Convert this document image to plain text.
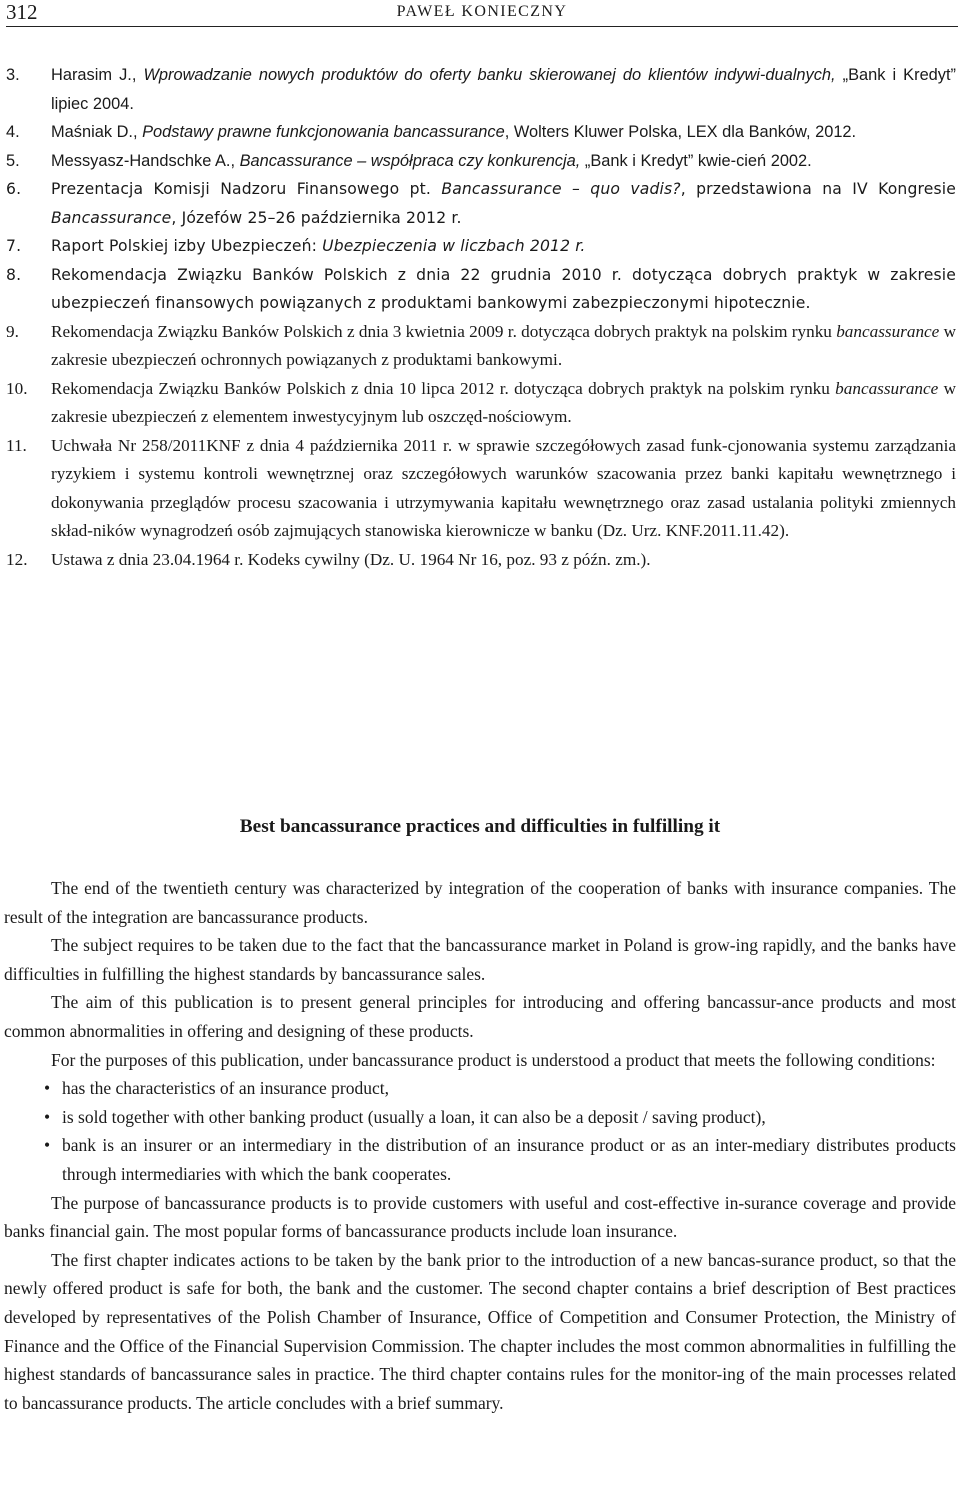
312	PAWEŁ KONIECZNY
3.	Harasim J., Wprowadzanie nowych produktów do oferty banku skierowanej do klientów indywi-dualnych, „Bank i Kredyt” lipiec 2004.
4.	Maśniak D., Podstawy prawne funkcjonowania bancassurance, Wolters Kluwer Polska, LEX dla Banków, 2012.
5.	Messyasz-Handschke A., Bancassurance – współpraca czy konkurencja, „Bank i Kredyt” kwie-cień 2002.
6.	Prezentacja Komisji Nadzoru Finansowego pt. Bancassurance – quo vadis?, przedstawiona na IV Kongresie Bancassurance, Józefów 25–26 października 2012 r.
7.	Raport Polskiej izby Ubezpieczeń: Ubezpieczenia w liczbach 2012 r.
8.	Rekomendacja Związku Banków Polskich z dnia 22 grudnia 2010 r. dotycząca dobrych praktyk w zakresie ubezpieczeń finansowych powiązanych z produktami bankowymi zabezpieczonymi hipotecznie.
9.	Rekomendacja Związku Banków Polskich z dnia 3 kwietnia 2009 r. dotycząca dobrych praktyk na polskim rynku bancassurance w zakresie ubezpieczeń ochronnych powiązanych z produktami bankowymi.
10.	Rekomendacja Związku Banków Polskich z dnia 10 lipca 2012 r. dotycząca dobrych praktyk na polskim rynku bancassurance w zakresie ubezpieczeń z elementem inwestycyjnym lub oszczęd-nościowym.
11.	Uchwała Nr 258/2011KNF z dnia 4 października 2011 r. w sprawie szczegółowych zasad funk-cjonowania systemu zarządzania ryzykiem i systemu kontroli wewnętrznej oraz szczegółowych warunków szacowania przez banki kapitału wewnętrznego i dokonywania przeglądów procesu szacowania i utrzymywania kapitału wewnętrznego oraz zasad ustalania polityki zmiennych skład-ników wynagrodzeń osób zajmujących stanowiska kierownicze w banku (Dz. Urz. KNF.2011.11.42).
12.	Ustawa z dnia 23.04.1964 r. Kodeks cywilny (Dz. U. 1964 Nr 16, poz. 93 z późn. zm.).
Best bancassurance practices and difficulties in fulfilling it

The end of the twentieth century was characterized by integration of the cooperation of banks with insurance companies. The result of the integration are bancassurance products.

The subject requires to be taken due to the fact that the bancassurance market in Poland is grow-ing rapidly, and the banks have difficulties in fulfilling the highest standards by bancassurance sales.

The aim of this publication is to present general principles for introducing and offering bancassur-ance products and most common abnormalities in offering and designing of these products.

For the purposes of this publication, under bancassurance product is understood a product that meets the following conditions:

• has the characteristics of an insurance product,
• is sold together with other banking product (usually a loan, it can also be a deposit / saving product),
• bank is an insurer or an intermediary in the distribution of an insurance product or as an inter-mediary distributes products through intermediaries with which the bank cooperates.

The purpose of bancassurance products is to provide customers with useful and cost-effective in-surance coverage and provide banks financial gain. The most popular forms of bancassurance products include loan insurance.

The first chapter indicates actions to be taken by the bank prior to the introduction of a new bancas-surance product, so that the newly offered product is safe for both, the bank and the customer. The second chapter contains a brief description of Best practices developed by representatives of the Polish Chamber of Insurance, Office of Competition and Consumer Protection, the Ministry of Finance and the Office of the Financial Supervision Commission. The chapter includes the most common abnormalities in fulfilling the highest standards of bancassurance sales in practice. The third chapter contains rules for the monitor-ing of the main processes related to bancassurance products. The article concludes with a brief summary.
